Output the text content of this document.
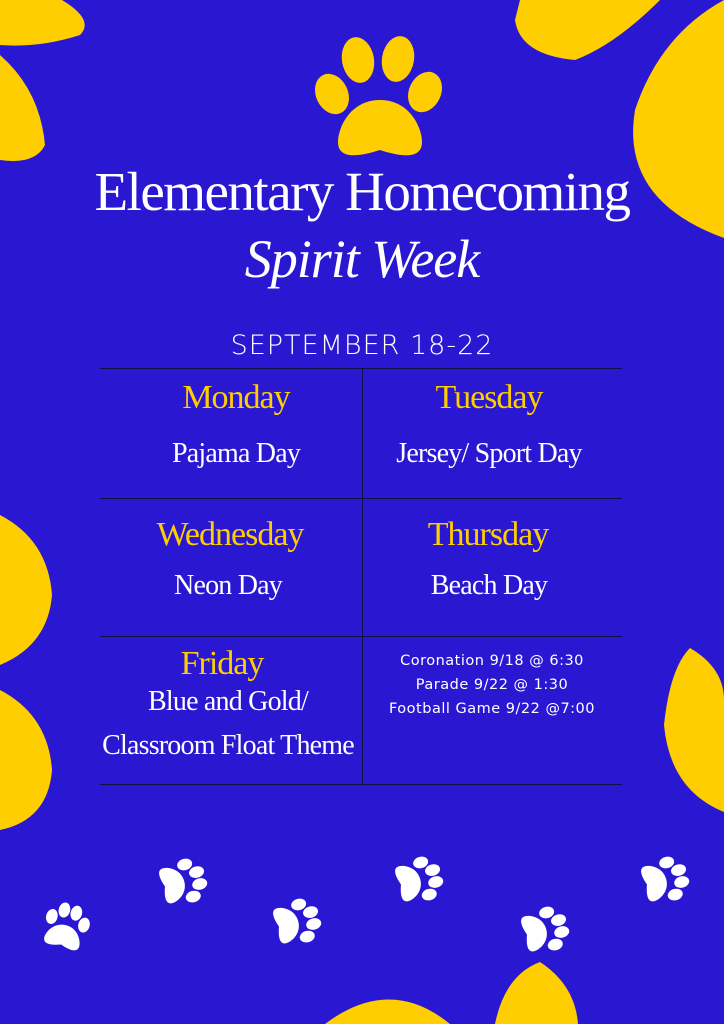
Elementary Homecoming
Spirit Week
SEPTEMBER 18-22
Monday
Pajama Day
Tuesday
Jersey/ Sport Day
Wednesday
Neon Day
Thursday
Beach Day
Friday
Blue and Gold/
Classroom Float Theme
Coronation 9/18 @ 6:30
Parade 9/22 @ 1:30
Football Game 9/22 @7:00
